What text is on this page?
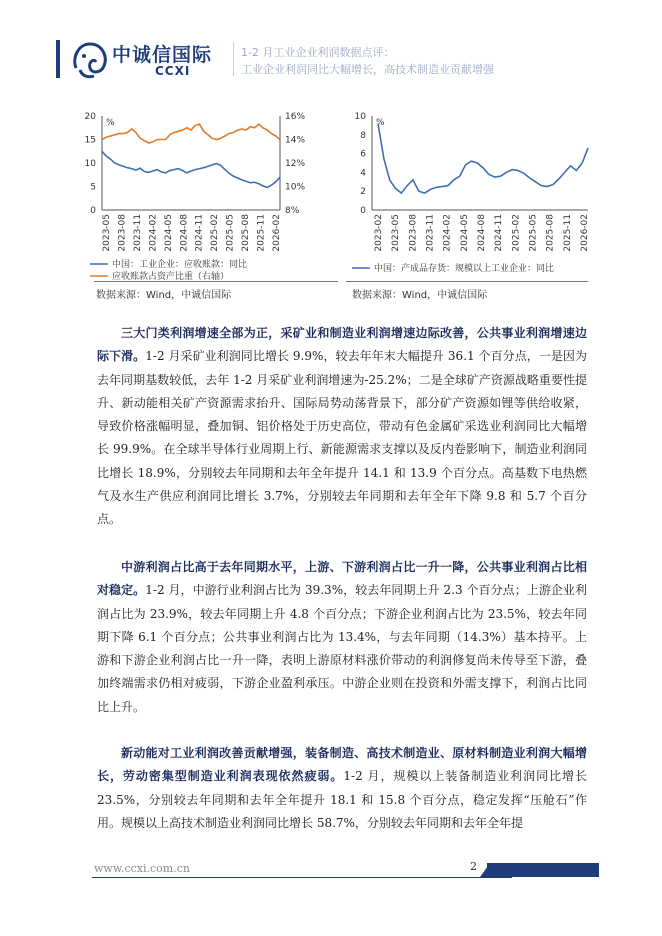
中诚信国际
CCXI
1-2 月工业企业利润数据点评：
工业企业利润同比大幅增长，高技术制造业贡献增强
0
5
10
15
20
8%
10%
12%
14%
16%
%
2023-05 2023-08 2023-11 2024-02 2024-05 2024-08 2024-11 2025-02 2025-05 2025-08 2025-11 2026-02
中国：工业企业：应收账款：同比
应收账款占资产比重（右轴）
数据来源：Wind，中诚信国际
0
2
4
6
8
10
%
2023-02 2023-05 2023-08 2023-11 2024-02 2024-05 2024-08 2024-11 2025-02 2025-05 2025-08 2025-11 2026-02
中国：产成品存货：规模以上工业企业：同比
数据来源：Wind，中诚信国际
三大门类利润增速全部为正，采矿业和制造业利润增速边际改善，公共事业利润增速边际下滑。1-2 月采矿业利润同比增长 9.9%，较去年年末大幅提升 36.1 个百分点，一是因为去年同期基数较低，去年 1-2 月采矿业利润增速为-25.2%；二是全球矿产资源战略重要性提升、新动能相关矿产资源需求抬升、国际局势动荡背景下，部分矿产资源如锂等供给收紧，导致价格涨幅明显，叠加铜、铝价格处于历史高位，带动有色金属矿采选业利润同比大幅增长 99.9%。在全球半导体行业周期上行、新能源需求支撑以及反内卷影响下，制造业利润同比增长 18.9%，分别较去年同期和去年全年提升 14.1 和 13.9 个百分点。高基数下电热燃气及水生产供应利润同比增长 3.7%，分别较去年同期和去年全年下降 9.8 和 5.7 个百分点。
中游利润占比高于去年同期水平，上游、下游利润占比一升一降，公共事业利润占比相对稳定。1-2 月，中游行业利润占比为 39.3%，较去年同期上升 2.3 个百分点；上游企业利润占比为 23.9%，较去年同期上升 4.8 个百分点；下游企业利润占比为 23.5%，较去年同期下降 6.1 个百分点；公共事业利润占比为 13.4%，与去年同期（14.3%）基本持平。上游和下游企业利润占比一升一降，表明上游原材料涨价带动的利润修复尚未传导至下游，叠加终端需求仍相对疲弱，下游企业盈利承压。中游企业则在投资和外需支撑下，利润占比同比上升。
新动能对工业利润改善贡献增强，装备制造、高技术制造业、原材料制造业利润大幅增长，劳动密集型制造业利润表现依然疲弱。1-2 月，规模以上装备制造业利润同比增长 23.5%，分别较去年同期和去年全年提升 18.1 和 15.8 个百分点，稳定发挥“压舱石”作用。规模以上高技术制造业利润同比增长 58.7%，分别较去年同期和去年全年提
www.ccxi.com.cn	2
